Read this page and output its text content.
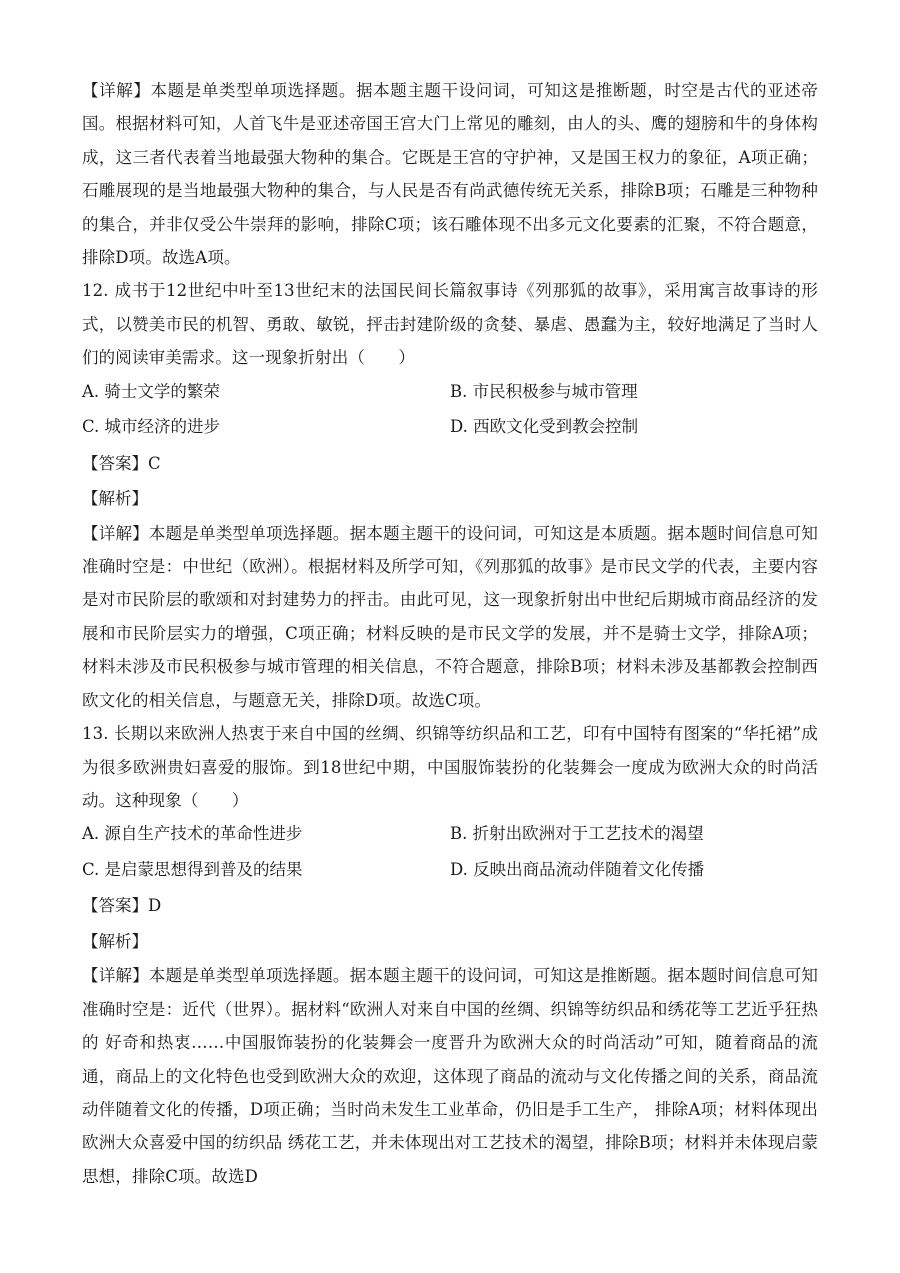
【详解】本题是单类型单项选择题。据本题主题干设问词，可知这是推断题，时空是古代的亚述帝国。根据材料可知，人首飞牛是亚述帝国王宫大门上常见的雕刻，由人的头、鹰的翅膀和牛的身体构成，这三者代表着当地最强大物种的集合。它既是王宫的守护神，又是国王权力的象征，A项正确；石雕展现的是当地最强大物种的集合，与人民是否有尚武德传统无关系，排除B项；石雕是三种物种的集合，并非仅受公牛崇拜的影响，排除C项；该石雕体现不出多元文化要素的汇聚，不符合题意，排除D项。故选A项。

12. 成书于12世纪中叶至13世纪末的法国民间长篇叙事诗《列那狐的故事》，采用寓言故事诗的形式，以赞美市民的机智、勇敢、敏锐，抨击封建阶级的贪婪、暴虐、愚蠢为主，较好地满足了当时人们的阅读审美需求。这一现象折射出（　　）

A. 骑士文学的繁荣	B. 市民积极参与城市管理
C. 城市经济的进步	D. 西欧文化受到教会控制

【答案】C

【解析】

【详解】本题是单类型单项选择题。据本题主题干的设问词，可知这是本质题。据本题时间信息可知准确时空是：中世纪（欧洲）。根据材料及所学可知，《列那狐的故事》是市民文学的代表，主要内容是对市民阶层的歌颂和对封建势力的抨击。由此可见，这一现象折射出中世纪后期城市商品经济的发展和市民阶层实力的增强，C项正确；材料反映的是市民文学的发展，并不是骑士文学，排除A项；材料未涉及市民积极参与城市管理的相关信息，不符合题意，排除B项；材料未涉及基都教会控制西欧文化的相关信息，与题意无关，排除D项。故选C项。

13. 长期以来欧洲人热衷于来自中国的丝绸、织锦等纺织品和工艺，印有中国特有图案的“华托裙”成为很多欧洲贵妇喜爱的服饰。到18世纪中期，中国服饰装扮的化装舞会一度成为欧洲大众的时尚活动。这种现象（　　）

A. 源自生产技术的革命性进步	B. 折射出欧洲对于工艺技术的渴望
C. 是启蒙思想得到普及的结果	D. 反映出商品流动伴随着文化传播

【答案】D

【解析】

【详解】本题是单类型单项选择题。据本题主题干的设问词，可知这是推断题。据本题时间信息可知准确时空是：近代（世界）。据材料“欧洲人对来自中国的丝绸、织锦等纺织品和绣花等工艺近乎狂热的 好奇和热衷……中国服饰装扮的化装舞会一度晋升为欧洲大众的时尚活动”可知，随着商品的流通，商品上的文化特色也受到欧洲大众的欢迎，这体现了商品的流动与文化传播之间的关系，商品流动伴随着文化的传播，D项正确；当时尚未发生工业革命，仍旧是手工生产， 排除A项；材料体现出欧洲大众喜爱中国的纺织品 绣花工艺，并未体现出对工艺技术的渴望，排除B项；材料并未体现启蒙思想，排除C项。故选D
